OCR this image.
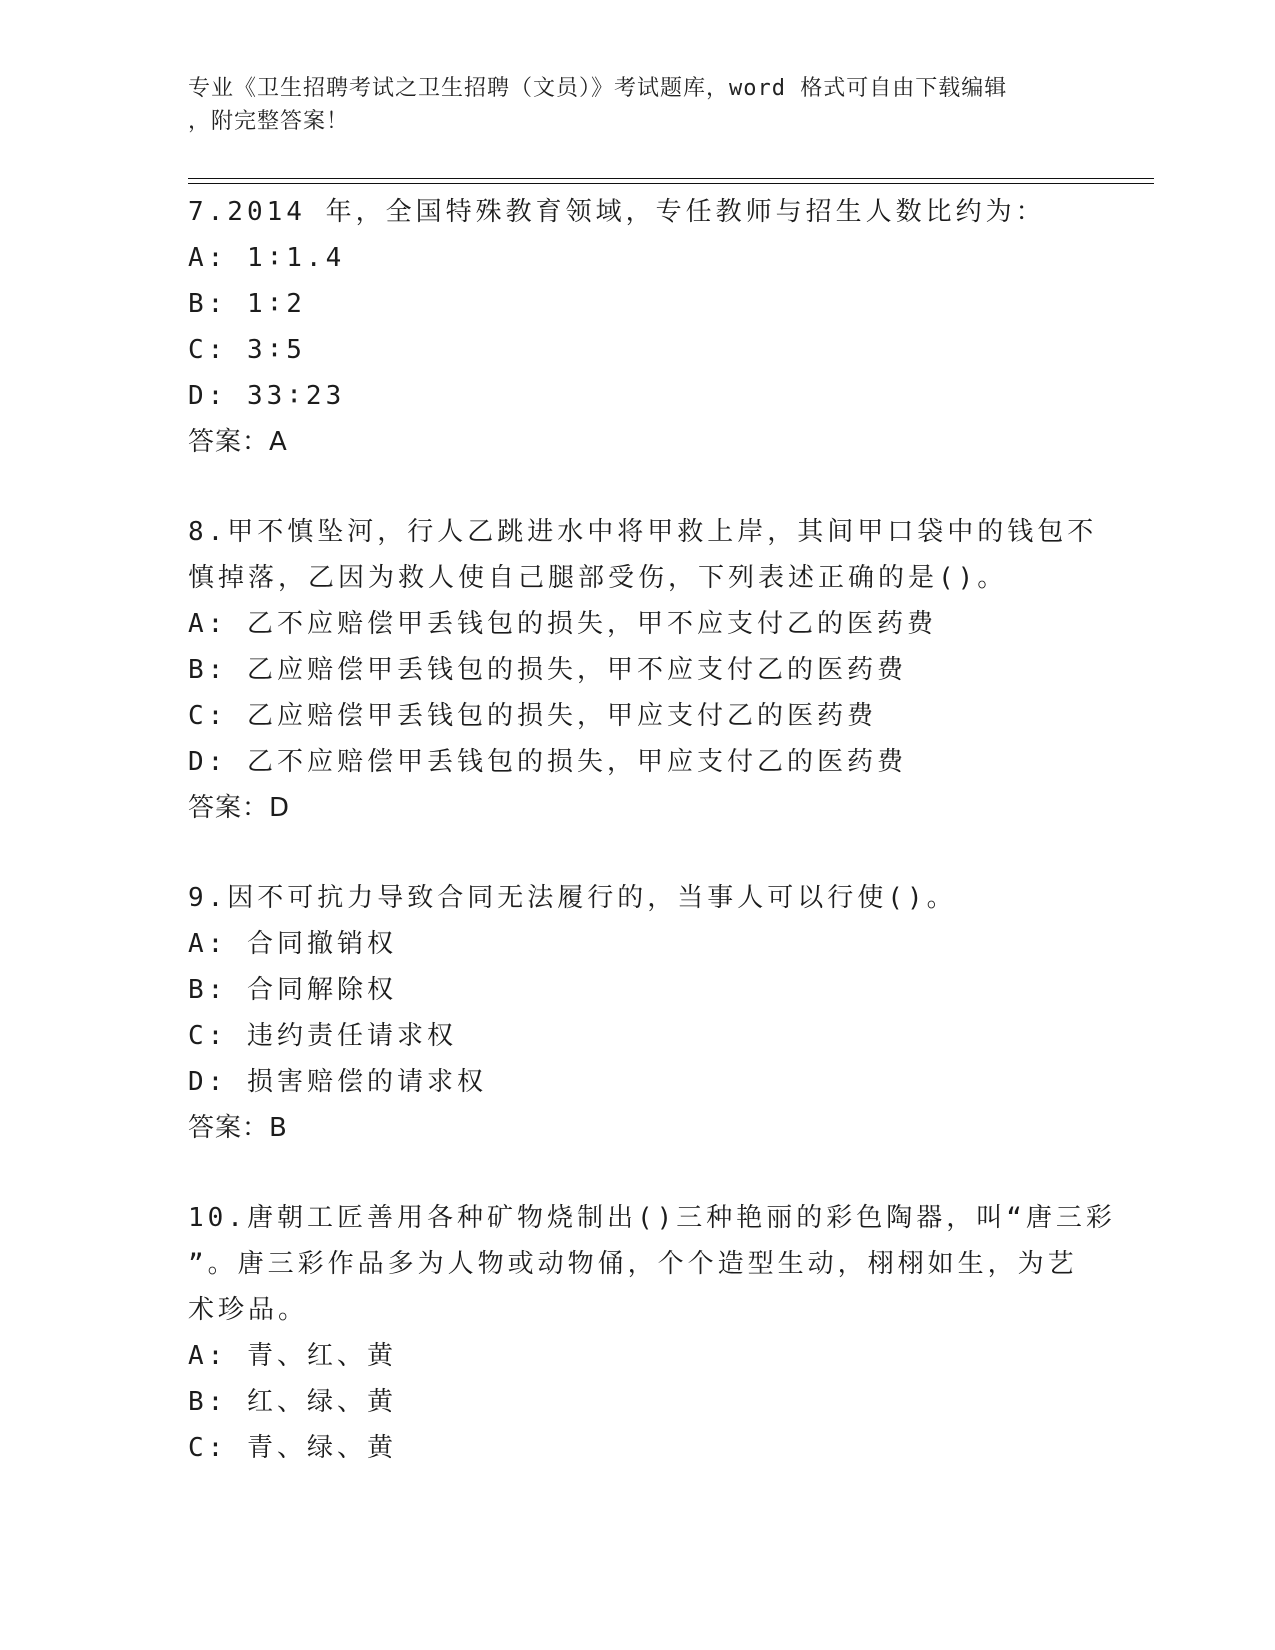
专业《卫生招聘考试之卫生招聘（文员）》考试题库，word 格式可自由下载编辑
，附完整答案！
7.2014 年，全国特殊教育领域，专任教师与招生人数比约为：
A: 1∶1.4
B: 1∶2
C: 3∶5
D: 33∶23
答案：A
8.甲不慎坠河，行人乙跳进水中将甲救上岸，其间甲口袋中的钱包不
慎掉落，乙因为救人使自己腿部受伤，下列表述正确的是()。
A: 乙不应赔偿甲丢钱包的损失，甲不应支付乙的医药费
B: 乙应赔偿甲丢钱包的损失，甲不应支付乙的医药费
C: 乙应赔偿甲丢钱包的损失，甲应支付乙的医药费
D: 乙不应赔偿甲丢钱包的损失，甲应支付乙的医药费
答案：D
9.因不可抗力导致合同无法履行的，当事人可以行使()。
A: 合同撤销权
B: 合同解除权
C: 违约责任请求权
D: 损害赔偿的请求权
答案：B
10.唐朝工匠善用各种矿物烧制出()三种艳丽的彩色陶器，叫“唐三彩
”。唐三彩作品多为人物或动物俑，个个造型生动，栩栩如生，为艺
术珍品。
A: 青、红、黄
B: 红、绿、黄
C: 青、绿、黄
